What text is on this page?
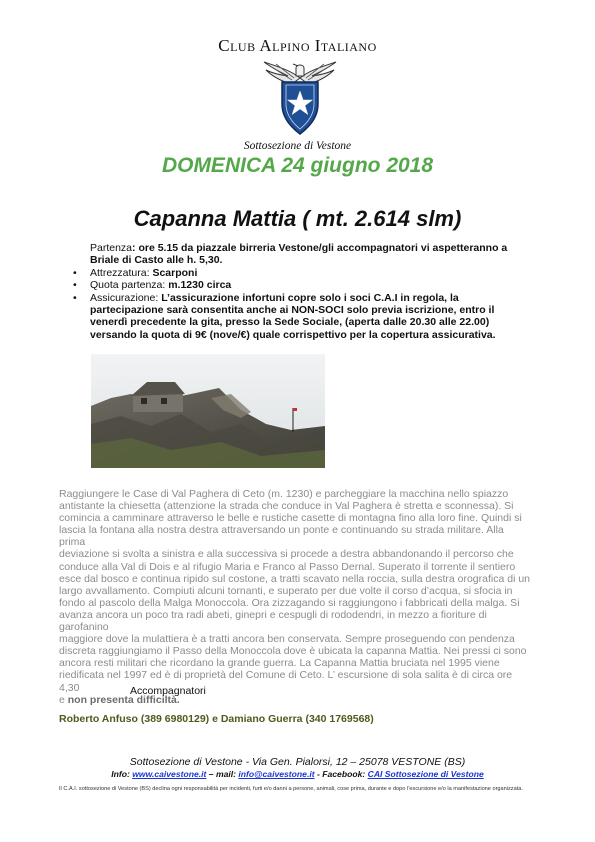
Club Alpino Italiano
Sottosezione di Vestone
DOMENICA 24 giugno 2018
Capanna Mattia ( mt. 2.614 slm)
Partenza: ore 5.15 da piazzale birreria Vestone/gli accompagnatori vi aspetteranno a
Briale di Casto alle h. 5,30.
•	Attrezzatura: Scarponi
•	Quota partenza: m.1230 circa
•	Assicurazione: L’assicurazione infortuni copre solo i soci C.A.I in regola, la
partecipazione sarà consentita anche ai NON-SOCI solo previa iscrizione, entro il
venerdì precedente la gita, presso la Sede Sociale, (aperta dalle 20.30 alle 22.00)
versando la quota di 9€ (nove/€) quale corrispettivo per la copertura assicurativa.
Raggiungere le Case di Val Paghera di Ceto (m. 1230) e parcheggiare la macchina nello spiazzo
antistante la chiesetta (attenzione la strada che conduce in Val Paghera è stretta e sconnessa). Si
comincia a camminare attraverso le belle e rustiche casette di montagna fino alla loro fine. Quindi si
lascia la fontana alla nostra destra attraversando un ponte e continuando su strada militare. Alla prima
deviazione si svolta a sinistra e alla successiva si procede a destra abbandonando il percorso che
conduce alla Val di Dois e al rifugio Maria e Franco al Passo Dernal. Superato il torrente il sentiero
esce dal bosco e continua ripido sul costone, a tratti scavato nella roccia, sulla destra orografica di un
largo avvallamento. Compiuti alcuni tornanti, e superato per due volte il corso d’acqua, si sfocia in
fondo al pascolo della Malga Monoccola. Ora zizzagando si raggiungono i fabbricati della malga. Si
avanza ancora un poco tra radi abeti, ginepri e cespugli di rododendri, in mezzo a fioriture di garofanino
maggiore dove la mulattiera è a tratti ancora ben conservata. Sempre proseguendo con pendenza
discreta raggiungiamo il Passo della Monoccola dove è ubicata la capanna Mattia. Nei pressi ci sono
ancora resti militari che ricordano la grande guerra. La Capanna Mattia bruciata nel 1995 viene
riedificata nel 1997 ed è di proprietà del Comune di Ceto. L’ escursione di sola salita è di circa ore 4,30
e non presenta difficiltà.
Accompagnatori
Roberto Anfuso (389 6980129) e Damiano Guerra (340 1769568)
Sottosezione di Vestone - Via Gen. Pialorsi, 12 – 25078 VESTONE (BS)
Info: www.caivestone.it – mail: info@caivestone.it - Facebook: CAI Sottosezione di Vestone
Il C.A.I. sottosezione di Vestone (BS) declina ogni responsabilità per incidenti, furti e/o danni a persone, animali, cose prima, durante e dopo l’escursione e/o la manifestazione organizzata.
